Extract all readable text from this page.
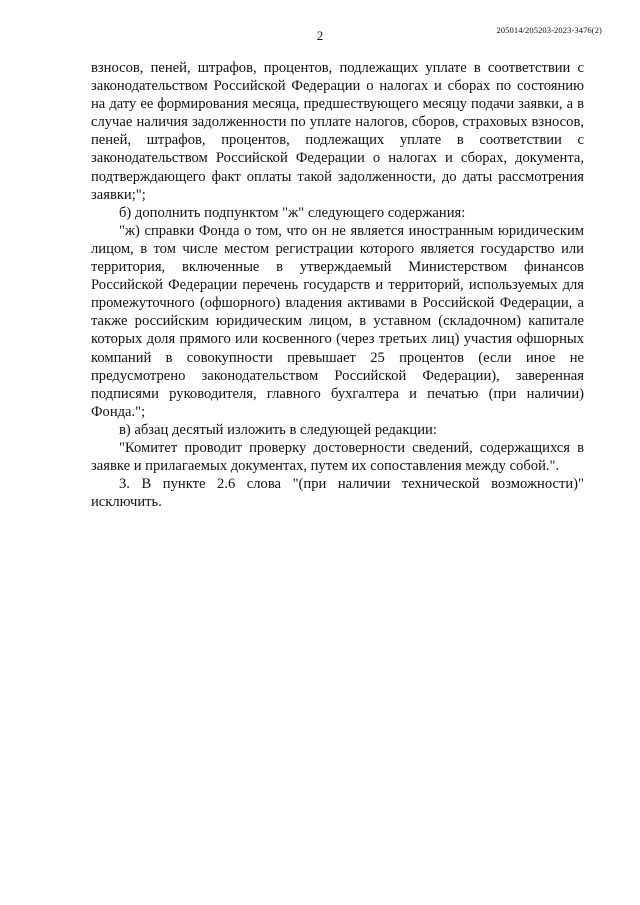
2	205014/205203-2023-3476(2)

взносов, пеней, штрафов, процентов, подлежащих уплате в соответствии с законодательством Российской Федерации о налогах и сборах по состоянию на дату ее формирования месяца, предшествующего месяцу подачи заявки, а в случае наличия задолженности по уплате налогов, сборов, страховых взносов, пеней, штрафов, процентов, подлежащих уплате в соответствии с законодательством Российской Федерации о налогах и сборах, документа, подтверждающего факт оплаты такой задолженности, до даты рассмотрения заявки;";

б) дополнить подпунктом "ж" следующего содержания:

"ж) справки Фонда о том, что он не является иностранным юридическим лицом, в том числе местом регистрации которого является государство или территория, включенные в утверждаемый Министерством финансов Российской Федерации перечень государств и территорий, используемых для промежуточного (офшорного) владения активами в Российской Федерации, а также российским юридическим лицом, в уставном (складочном) капитале которых доля прямого или косвенного (через третьих лиц) участия офшорных компаний в совокупности превышает 25 процентов (если иное не предусмотрено законодательством Российской Федерации), заверенная подписями руководителя, главного бухгалтера и печатью (при наличии) Фонда.";

в) абзац десятый изложить в следующей редакции:

"Комитет проводит проверку достоверности сведений, содержащихся в заявке и прилагаемых документах, путем их сопоставления между собой.".

3. В пункте 2.6 слова "(при наличии технической возможности)" исключить.
